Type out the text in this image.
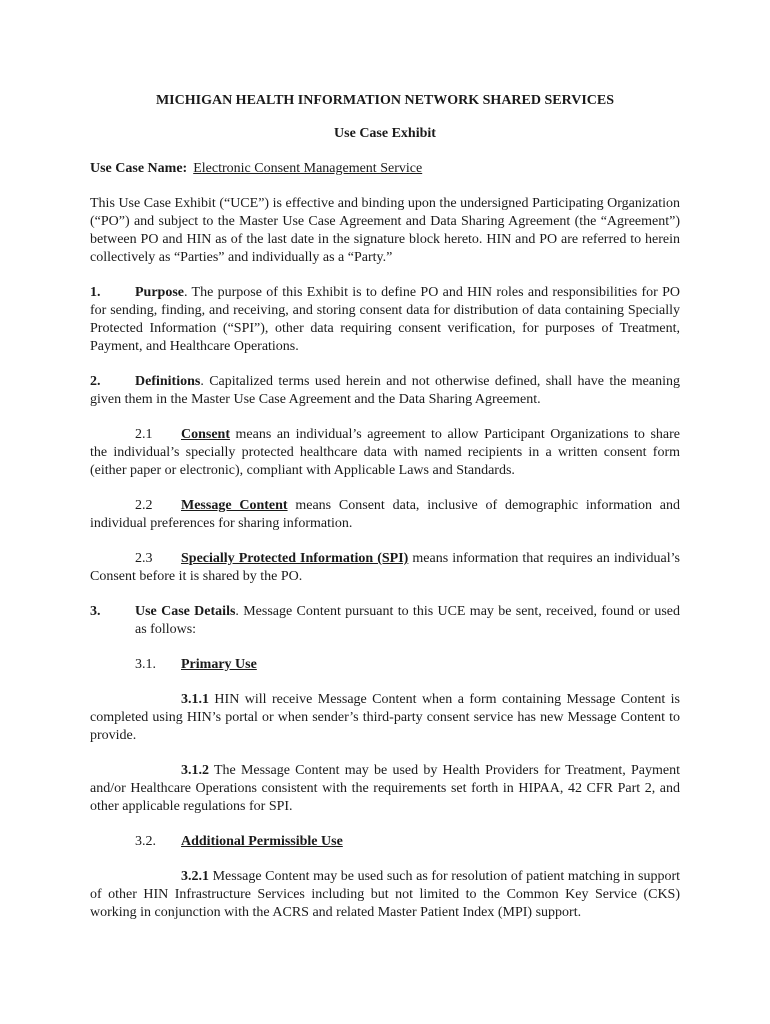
MICHIGAN HEALTH INFORMATION NETWORK SHARED SERVICES

Use Case Exhibit

Use Case Name: Electronic Consent Management Service

This Use Case Exhibit (“UCE”) is effective and binding upon the undersigned Participating Organization (“PO”) and subject to the Master Use Case Agreement and Data Sharing Agreement (the “Agreement”) between PO and HIN as of the last date in the signature block hereto. HIN and PO are referred to herein collectively as “Parties” and individually as a “Party.”

1. Purpose. The purpose of this Exhibit is to define PO and HIN roles and responsibilities for PO for sending, finding, and receiving, and storing consent data for distribution of data containing Specially Protected Information (“SPI”), other data requiring consent verification, for purposes of Treatment, Payment, and Healthcare Operations.

2. Definitions. Capitalized terms used herein and not otherwise defined, shall have the meaning given them in the Master Use Case Agreement and the Data Sharing Agreement.

2.1 Consent means an individual’s agreement to allow Participant Organizations to share the individual’s specially protected healthcare data with named recipients in a written consent form (either paper or electronic), compliant with Applicable Laws and Standards.

2.2 Message Content means Consent data, inclusive of demographic information and individual preferences for sharing information.

2.3 Specially Protected Information (SPI) means information that requires an individual’s Consent before it is shared by the PO.

3.	Use Case Details. Message Content pursuant to this UCE may be sent, received, found or used as follows:

3.1. Primary Use

3.1.1 HIN will receive Message Content when a form containing Message Content is completed using HIN’s portal or when sender’s third-party consent service has new Message Content to provide.

3.1.2 The Message Content may be used by Health Providers for Treatment, Payment and/or Healthcare Operations consistent with the requirements set forth in HIPAA, 42 CFR Part 2, and other applicable regulations for SPI.

3.2. Additional Permissible Use

3.2.1 Message Content may be used such as for resolution of patient matching in support of other HIN Infrastructure Services including but not limited to the Common Key Service (CKS) working in conjunction with the ACRS and related Master Patient Index (MPI) support.
